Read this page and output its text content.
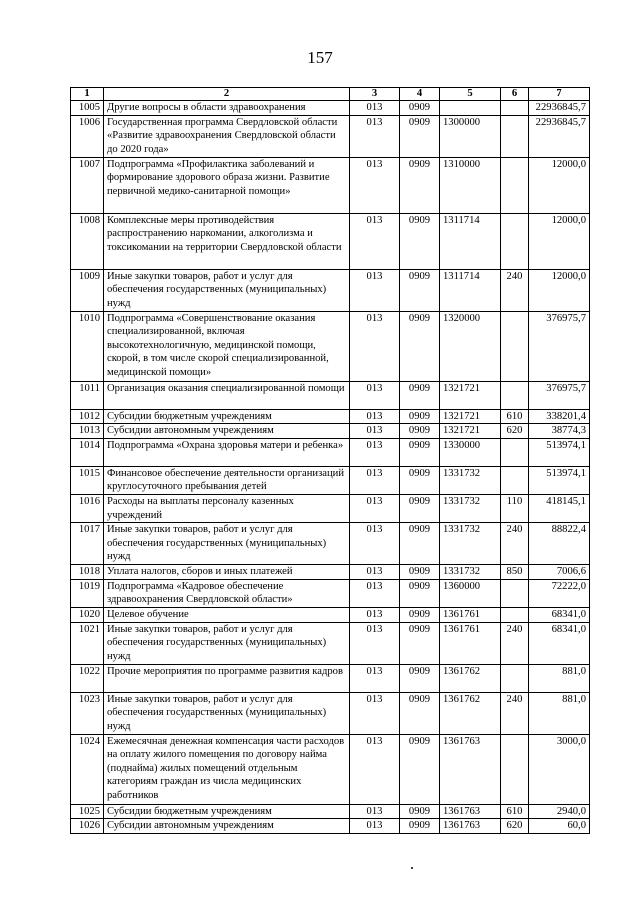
157
1	2	3	4	5	6	7
1005	Другие вопросы в области здравоохранения	013	0909			22936845,7
1006	Государственная программа Свердловской области «Развитие здравоохранения Свердловской области до 2020 года»	013	0909	1300000		22936845,7
1007	Подпрограмма «Профилактика заболеваний и формирование здорового образа жизни. Развитие первичной медико-санитарной помощи»	013	0909	1310000		12000,0
1008	Комплексные меры противодействия распространению наркомании, алкоголизма и токсикомании на территории Свердловской области	013	0909	1311714		12000,0
1009	Иные закупки товаров, работ и услуг для обеспечения государственных (муниципальных) нужд	013	0909	1311714	240	12000,0
1010	Подпрограмма «Совершенствование оказания специализированной, включая высокотехнологичную, медицинской помощи, скорой, в том числе скорой специализированной, медицинской помощи»	013	0909	1320000		376975,7
1011	Организация оказания специализированной помощи	013	0909	1321721		376975,7
1012	Субсидии бюджетным учреждениям	013	0909	1321721	610	338201,4
1013	Субсидии автономным учреждениям	013	0909	1321721	620	38774,3
1014	Подпрограмма «Охрана здоровья матери и ребенка»	013	0909	1330000		513974,1
1015	Финансовое обеспечение деятельности организаций круглосуточного пребывания детей	013	0909	1331732		513974,1
1016	Расходы на выплаты персоналу казенных учреждений	013	0909	1331732	110	418145,1
1017	Иные закупки товаров, работ и услуг для обеспечения государственных (муниципальных) нужд	013	0909	1331732	240	88822,4
1018	Уплата налогов, сборов и иных платежей	013	0909	1331732	850	7006,6
1019	Подпрограмма «Кадровое обеспечение здравоохранения Свердловской области»	013	0909	1360000		72222,0
1020	Целевое обучение	013	0909	1361761		68341,0
1021	Иные закупки товаров, работ и услуг для обеспечения государственных (муниципальных) нужд	013	0909	1361761	240	68341,0
1022	Прочие мероприятия по программе развития кадров	013	0909	1361762		881,0
1023	Иные закупки товаров, работ и услуг для обеспечения государственных (муниципальных) нужд	013	0909	1361762	240	881,0
1024	Ежемесячная денежная компенсация части расходов на оплату жилого помещения по договору найма (поднайма) жилых помещений отдельным категориям граждан из числа медицинских работников	013	0909	1361763		3000,0
1025	Субсидии бюджетным учреждениям	013	0909	1361763	610	2940,0
1026	Субсидии автономным учреждениям	013	0909	1361763	620	60,0
